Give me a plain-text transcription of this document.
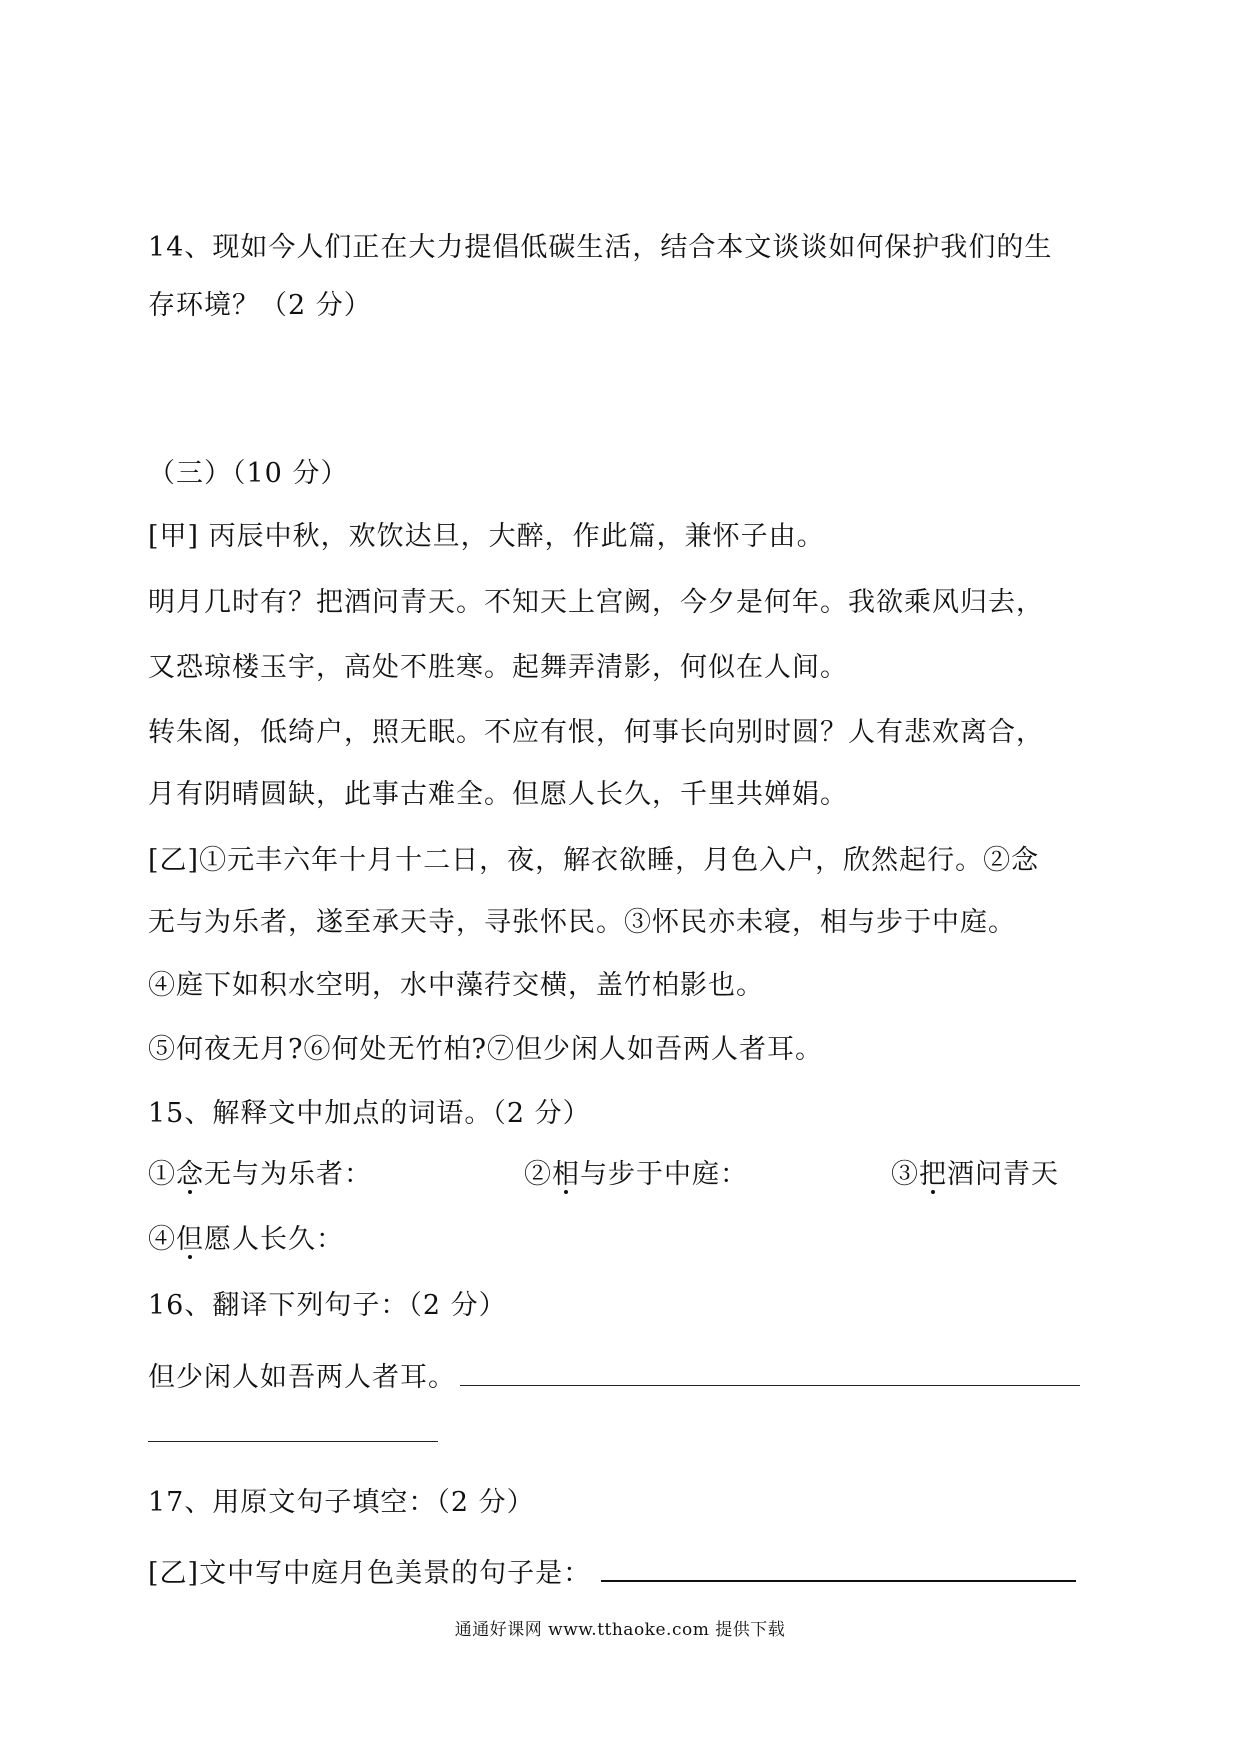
14、现如今人们正在大力提倡低碳生活，结合本文谈谈如何保护我们的生

存环境？（2 分）

（三）（10 分）

[甲] 丙辰中秋，欢饮达旦，大醉，作此篇，兼怀子由。

明月几时有？把酒问青天。不知天上宫阙，今夕是何年。我欲乘风归去，

又恐琼楼玉宇，高处不胜寒。起舞弄清影，何似在人间。

转朱阁，低绮户，照无眠。不应有恨，何事长向别时圆？人有悲欢离合，

月有阴晴圆缺，此事古难全。但愿人长久，千里共婵娟。

[乙]①元丰六年十月十二日，夜，解衣欲睡，月色入户，欣然起行。②念

无与为乐者，遂至承天寺，寻张怀民。③怀民亦未寝，相与步于中庭。

④庭下如积水空明，水中藻荇交横，盖竹柏影也。

⑤何夜无月?⑥何处无竹柏?⑦但少闲人如吾两人者耳。

15、解释文中加点的词语。（2 分）

①念无与为乐者：	②相与步于中庭：	③把酒问青天
④但愿人长久：

16、翻译下列句子：（2 分）

但少闲人如吾两人者耳。

17、用原文句子填空：（2 分）

[乙]文中写中庭月色美景的句子是：
通通好课网 www.tthaoke.com 提供下载
